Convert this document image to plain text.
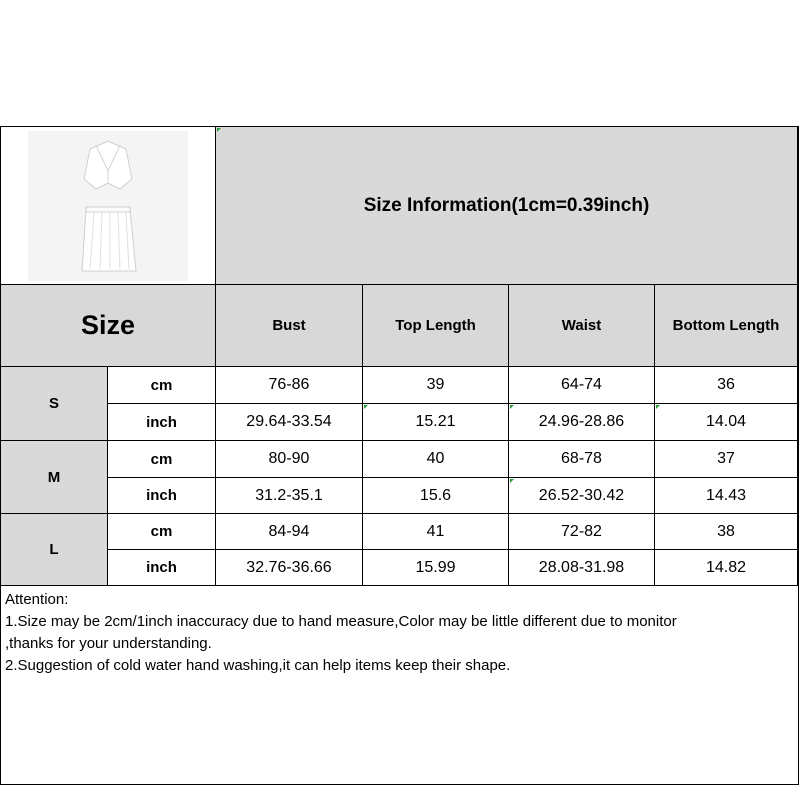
Size Information(1cm=0.39inch)
Size	Bust	Top Length	Waist	Bottom Length
S
cm	76-86	39	64-74	36
inch	29.64-33.54	15.21	24.96-28.86	14.04
M
cm	80-90	40	68-78	37
inch	31.2-35.1	15.6	26.52-30.42	14.43
L
cm	84-94	41	72-82	38
inch	32.76-36.66	15.99	28.08-31.98	14.82
Attention:
1.Size may be 2cm/1inch inaccuracy due to hand measure,Color may be little different due to monitor
,thanks for your understanding.
2.Suggestion of cold water hand washing,it can help items keep their shape.
